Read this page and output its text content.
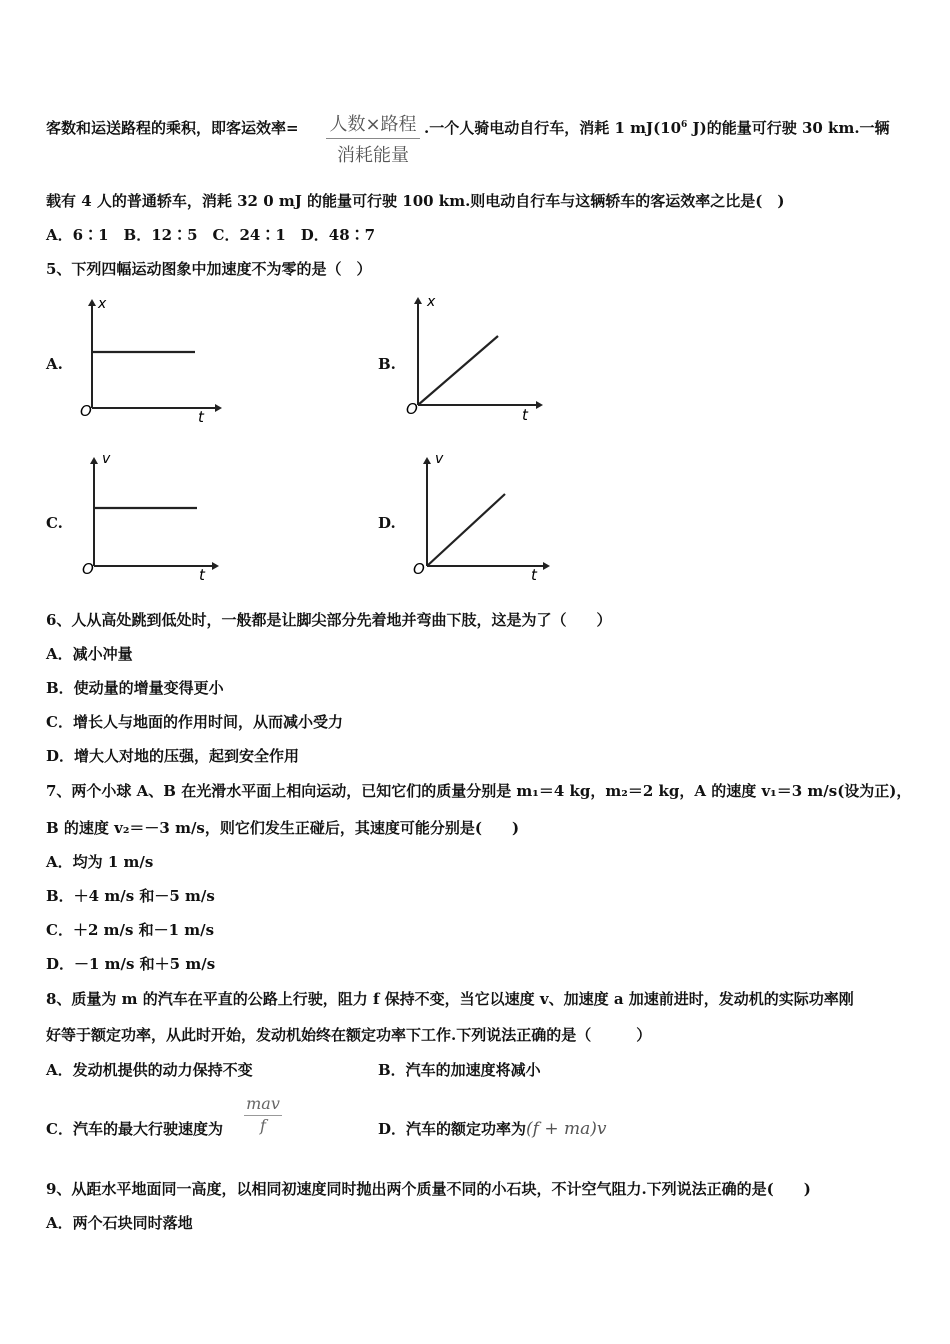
客数和运送路程的乘积，即客运效率= 人数×路程
消耗能量
.一个人骑电动自行车，消耗 1 $mJ(10^6$ J)的能量可行驶 30 km.一辆
载有 4 人的普通轿车，消耗 32 0 mJ 的能量可行驶 100 km.则电动自行车与这辆轿车的客运效率之比是(　)
A．6∶1　B．12∶5　C．24∶1　D．48∶7
5、下列四幅运动图象中加速度不为零的是（　）
A.
x
O	t
B.
x
O	t
C.
v
O	t
D.
v
O	t
6、人从高处跳到低处时，一般都是让脚尖部分先着地并弯曲下肢，这是为了（　　）
A．减小冲量
B．使动量的增量变得更小
C．增长人与地面的作用时间，从而减小受力
D．增大人对地的压强，起到安全作用
7、两个小球 A、B 在光滑水平面上相向运动，已知它们的质量分别是 m₁＝4 kg，m₂＝2 kg，A 的速度 v₁＝3 m/s(设为正)，
B 的速度 v₂＝－3 m/s，则它们发生正碰后，其速度可能分别是(　　)
A．均为 1 m/s
B．＋4 m/s 和－5 m/s
C．＋2 m/s 和－1 m/s
D．－1 m/s 和＋5 m/s
8、质量为 m 的汽车在平直的公路上行驶，阻力 f 保持不变，当它以速度 v、加速度 a 加速前进时，发动机的实际功率刚
好等于额定功率，从此时开始，发动机始终在额定功率下工作.下列说法正确的是（　　　）
A．发动机提供的动力保持不变	B．汽车的加速度将减小
C．汽车的最大行驶速度为
mav
f	D．汽车的额定功率为(f + ma)v
9、从距水平地面同一高度，以相同初速度同时抛出两个质量不同的小石块，不计空气阻力.下列说法正确的是(　　)
A．两个石块同时落地
